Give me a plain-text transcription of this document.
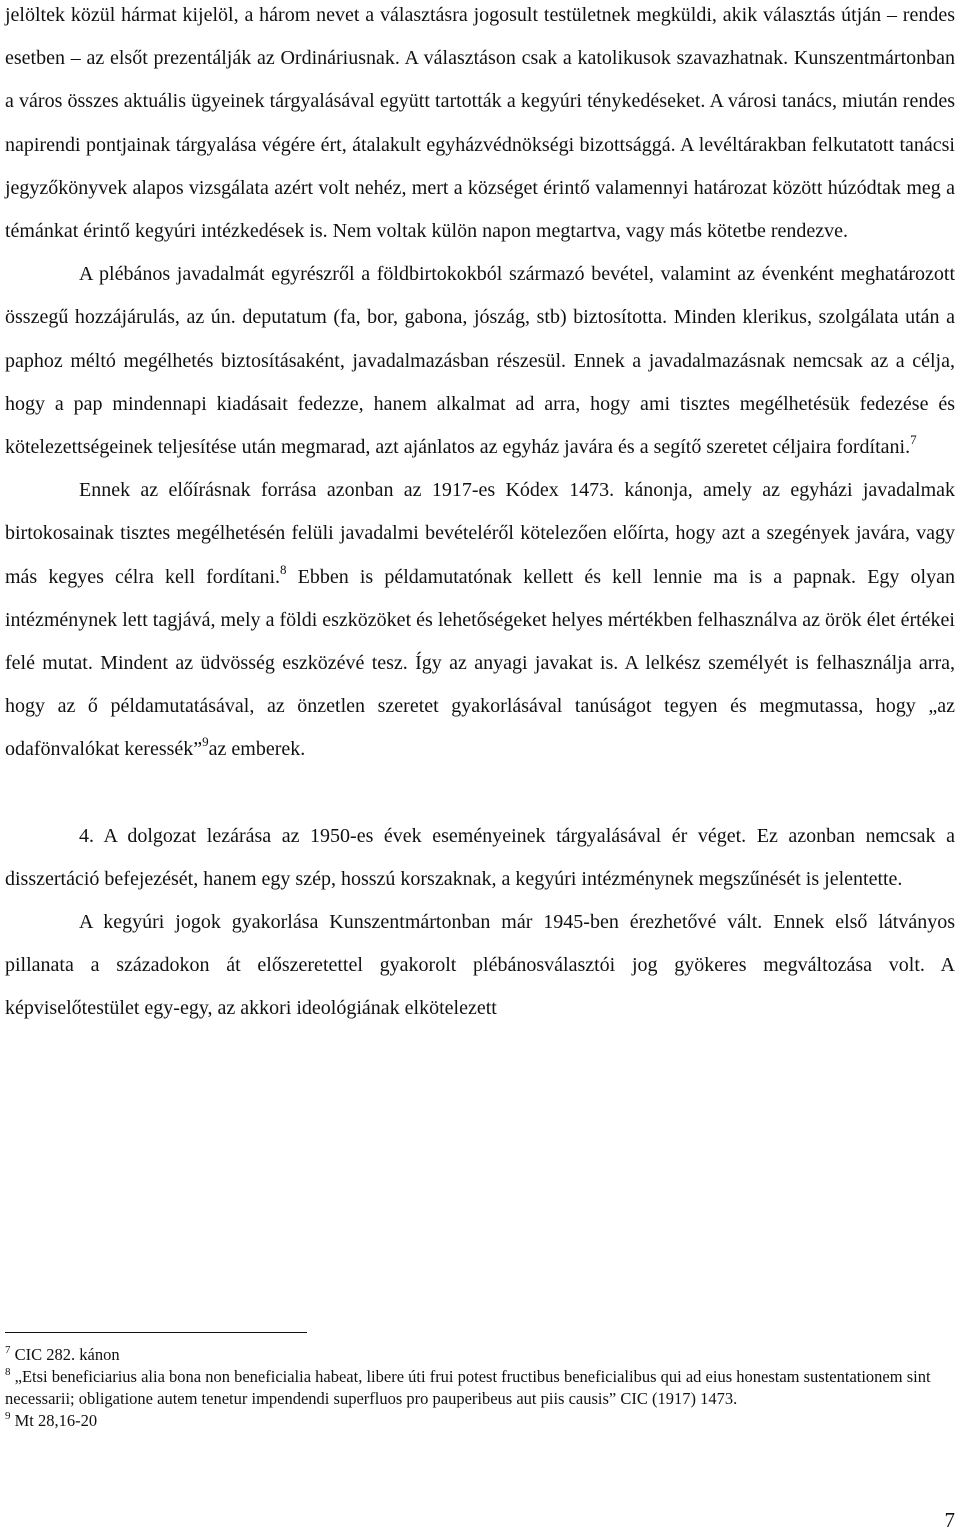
jelöltek közül hármat kijelöl, a három nevet a választásra jogosult testületnek megküldi, akik választás útján – rendes esetben – az elsőt prezentálják az Ordináriusnak. A választáson csak a katolikusok szavazhatnak. Kunszentmártonban a város összes aktuális ügyeinek tárgyalásával együtt tartották a kegyúri ténykedéseket. A városi tanács, miután rendes napirendi pontjainak tárgyalása végére ért, átalakult egyházvédnökségi bizottsággá. A levéltárakban felkutatott tanácsi jegyzőkönyvek alapos vizsgálata azért volt nehéz, mert a községet érintő valamennyi határozat között húzódtak meg a témánkat érintő kegyúri intézkedések is. Nem voltak külön napon megtartva, vagy más kötetbe rendezve.

A plébános javadalmát egyrészről a földbirtokokból származó bevétel, valamint az évenként meghatározott összegű hozzájárulás, az ún. deputatum (fa, bor, gabona, jószág, stb) biztosította. Minden klerikus, szolgálata után a paphoz méltó megélhetés biztosításaként, javadalmazásban részesül. Ennek a javadalmazásnak nemcsak az a célja, hogy a pap mindennapi kiadásait fedezze, hanem alkalmat ad arra, hogy ami tisztes megélhetésük fedezése és kötelezettségeinek teljesítése után megmarad, azt ajánlatos az egyház javára és a segítő szeretet céljaira fordítani.$^7$

Ennek az előírásnak forrása azonban az 1917-es Kódex 1473. kánonja, amely az egyházi javadalmak birtokosainak tisztes megélhetésén felüli javadalmi bevételéről kötelezően előírta, hogy azt a szegények javára, vagy más kegyes célra kell fordítani.$^8$ Ebben is példamutatónak kellett és kell lennie ma is a papnak. Egy olyan intézménynek lett tagjává, mely a földi eszközöket és lehetőségeket helyes mértékben felhasználva az örök élet értékei felé mutat. Mindent az üdvösség eszközévé tesz. Így az anyagi javakat is. A lelkész személyét is felhasználja arra, hogy az ő példamutatásával, az önzetlen szeretet gyakorlásával tanúságot tegyen és megmutassa, hogy „az odafönvalókat keressék”$^9$az emberek.

4. A dolgozat lezárása az 1950-es évek eseményeinek tárgyalásával ér véget. Ez azonban nemcsak a disszertáció befejezését, hanem egy szép, hosszú korszaknak, a kegyúri intézménynek megszűnését is jelentette.

A kegyúri jogok gyakorlása Kunszentmártonban már 1945-ben érezhetővé vált. Ennek első látványos pillanata a századokon át előszeretettel gyakorolt plébánosválasztói jog gyökeres megváltozása volt. A képviselőtestület egy-egy, az akkori ideológiának elkötelezett

$^7$ CIC 282. kánon

$^8$ „Etsi beneficiarius alia bona non beneficialia habeat, libere úti frui potest fructibus beneficialibus qui ad eius honestam sustentationem sint necessarii; obligatione autem tenetur impendendi superfluos pro pauperibeus aut piis causis” CIC (1917) 1473.

$^9$ Mt 28,16-20

7
